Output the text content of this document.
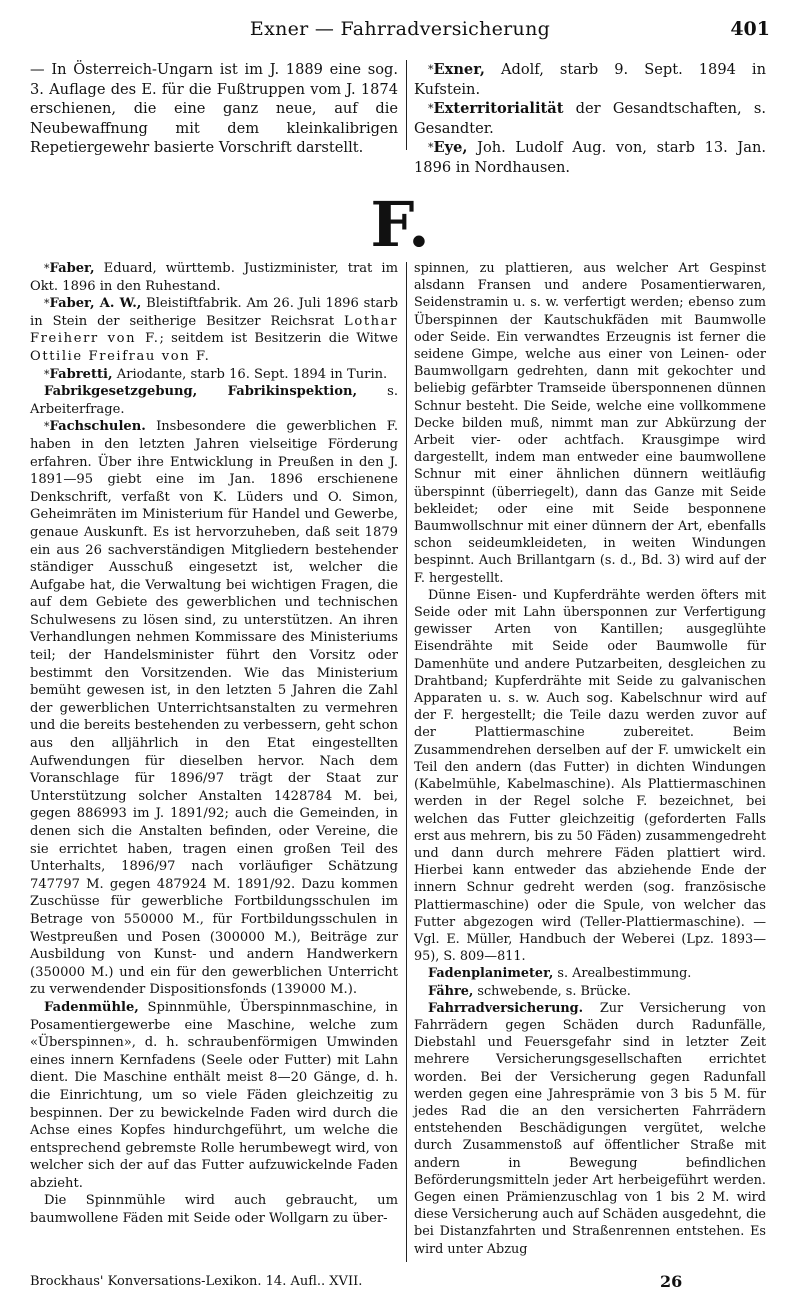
Exner — Fahrradversicherung	401

— In Österreich-Ungarn ist im J. 1889 eine sog. 3. Auflage des E. für die Fußtruppen vom J. 1874 erschienen, die eine ganz neue, auf die Neubewaffnung mit dem kleinkalibrigen Repetiergewehr basierte Vorschrift darstellt.

*Exner, Adolf, starb 9. Sept. 1894 in Kufstein.

*Exterritorialität der Gesandtschaften, s. Gesandter.

*Eye, Joh. Ludolf Aug. von, starb 13. Jan. 1896 in Nordhausen.

F.

*Faber, Eduard, württemb. Justizminister, trat im Okt. 1896 in den Ruhestand.

*Faber, A. W., Bleistiftfabrik. Am 26. Juli 1896 starb in Stein der seitherige Besitzer Reichsrat Lothar Freiherr von F.; seitdem ist Besitzerin die Witwe Ottilie Freifrau von F.

*Fabretti, Ariodante, starb 16. Sept. 1894 in Turin.

Fabrikgesetzgebung, Fabrikinspektion, s. Arbeiterfrage.

*Fachschulen. Insbesondere die gewerblichen F. haben in den letzten Jahren vielseitige Förderung erfahren. Über ihre Entwicklung in Preußen in den J. 1891—95 giebt eine im Jan. 1896 erschienene Denkschrift, verfaßt von K. Lüders und O. Simon, Geheimräten im Ministerium für Handel und Gewerbe, genaue Auskunft. Es ist hervorzuheben, daß seit 1879 ein aus 26 sachverständigen Mitgliedern bestehender ständiger Ausschuß eingesetzt ist, welcher die Aufgabe hat, die Verwaltung bei wichtigen Fragen, die auf dem Gebiete des gewerblichen und technischen Schulwesens zu lösen sind, zu unterstützen. An ihren Verhandlungen nehmen Kommissare des Ministeriums teil; der Handelsminister führt den Vorsitz oder bestimmt den Vorsitzenden. Wie das Ministerium bemüht gewesen ist, in den letzten 5 Jahren die Zahl der gewerblichen Unterrichtsanstalten zu vermehren und die bereits bestehenden zu verbessern, geht schon aus den alljährlich in den Etat eingestellten Aufwendungen für dieselben hervor. Nach dem Voranschlage für 1896/97 trägt der Staat zur Unterstützung solcher Anstalten 1428784 M. bei, gegen 886993 im J. 1891/92; auch die Gemeinden, in denen sich die Anstalten befinden, oder Vereine, die sie errichtet haben, tragen einen großen Teil des Unterhalts, 1896/97 nach vorläufiger Schätzung 747797 M. gegen 487924 M. 1891/92. Dazu kommen Zuschüsse für gewerbliche Fortbildungsschulen im Betrage von 550000 M., für Fortbildungsschulen in Westpreußen und Posen (300000 M.), Beiträge zur Ausbildung von Kunst- und andern Handwerkern (350000 M.) und ein für den gewerblichen Unterricht zu verwendender Dispositionsfonds (139000 M.).

Fadenmühle, Spinnmühle, Überspinnmaschine, in Posamentiergewerbe eine Maschine, welche zum «Überspinnen», d. h. schraubenförmigen Umwinden eines innern Kernfadens (Seele oder Futter) mit Lahn dient. Die Maschine enthält meist 8—20 Gänge, d. h. die Einrichtung, um so viele Fäden gleichzeitig zu bespinnen. Der zu bewickelnde Faden wird durch die Achse eines Kopfes hindurchgeführt, um welche die entsprechend gebremste Rolle herumbewegt wird, von welcher sich der auf das Futter aufzuwickelnde Faden abzieht.

Die Spinnmühle wird auch gebraucht, um baumwollene Fäden mit Seide oder Wollgarn zu über-

spinnen, zu plattieren, aus welcher Art Gespinst alsdann Fransen und andere Posamentierwaren, Seidenstramin u. s. w. verfertigt werden; ebenso zum Überspinnen der Kautschukfäden mit Baumwolle oder Seide. Ein verwandtes Erzeugnis ist ferner die seidene Gimpe, welche aus einer von Leinen- oder Baumwollgarn gedrehten, dann mit gekochter und beliebig gefärbter Tramseide übersponnenen dünnen Schnur besteht. Die Seide, welche eine vollkommene Decke bilden muß, nimmt man zur Abkürzung der Arbeit vier- oder achtfach. Krausgimpe wird dargestellt, indem man entweder eine baumwollene Schnur mit einer ähnlichen dünnern weitläufig überspinnt (überriegelt), dann das Ganze mit Seide bekleidet; oder eine mit Seide besponnene Baumwollschnur mit einer dünnern der Art, ebenfalls schon seideumkleideten, in weiten Windungen bespinnt. Auch Brillantgarn (s. d., Bd. 3) wird auf der F. hergestellt.

Dünne Eisen- und Kupferdrähte werden öfters mit Seide oder mit Lahn übersponnen zur Verfertigung gewisser Arten von Kantillen; ausgeglühte Eisendrähte mit Seide oder Baumwolle für Damenhüte und andere Putzarbeiten, desgleichen zu Drahtband; Kupferdrähte mit Seide zu galvanischen Apparaten u. s. w. Auch sog. Kabelschnur wird auf der F. hergestellt; die Teile dazu werden zuvor auf der Plattiermaschine zubereitet. Beim Zusammendrehen derselben auf der F. umwickelt ein Teil den andern (das Futter) in dichten Windungen (Kabelmühle, Kabelmaschine). Als Plattiermaschinen werden in der Regel solche F. bezeichnet, bei welchen das Futter gleichzeitig (geforderten Falls erst aus mehrern, bis zu 50 Fäden) zusammengedreht und dann durch mehrere Fäden plattiert wird. Hierbei kann entweder das abziehende Ende der innern Schnur gedreht werden (sog. französische Plattiermaschine) oder die Spule, von welcher das Futter abgezogen wird (Teller-Plattiermaschine). — Vgl. E. Müller, Handbuch der Weberei (Lpz. 1893—95), S. 809—811.

Fadenplanimeter, s. Arealbestimmung.

Fähre, schwebende, s. Brücke.

Fahrradversicherung. Zur Versicherung von Fahrrädern gegen Schäden durch Radunfälle, Diebstahl und Feuersgefahr sind in letzter Zeit mehrere Versicherungsgesellschaften errichtet worden. Bei der Versicherung gegen Radunfall werden gegen eine Jahresprämie von 3 bis 5 M. für jedes Rad die an den versicherten Fahrrädern entstehenden Beschädigungen vergütet, welche durch Zusammenstoß auf öffentlicher Straße mit andern in Bewegung befindlichen Beförderungsmitteln jeder Art herbeigeführt werden. Gegen einen Prämienzuschlag von 1 bis 2 M. wird diese Versicherung auch auf Schäden ausgedehnt, die bei Distanzfahrten und Straßenrennen entstehen. Es wird unter Abzug

Brockhaus' Konversations-Lexikon. 14. Aufl.. XVII.	26
